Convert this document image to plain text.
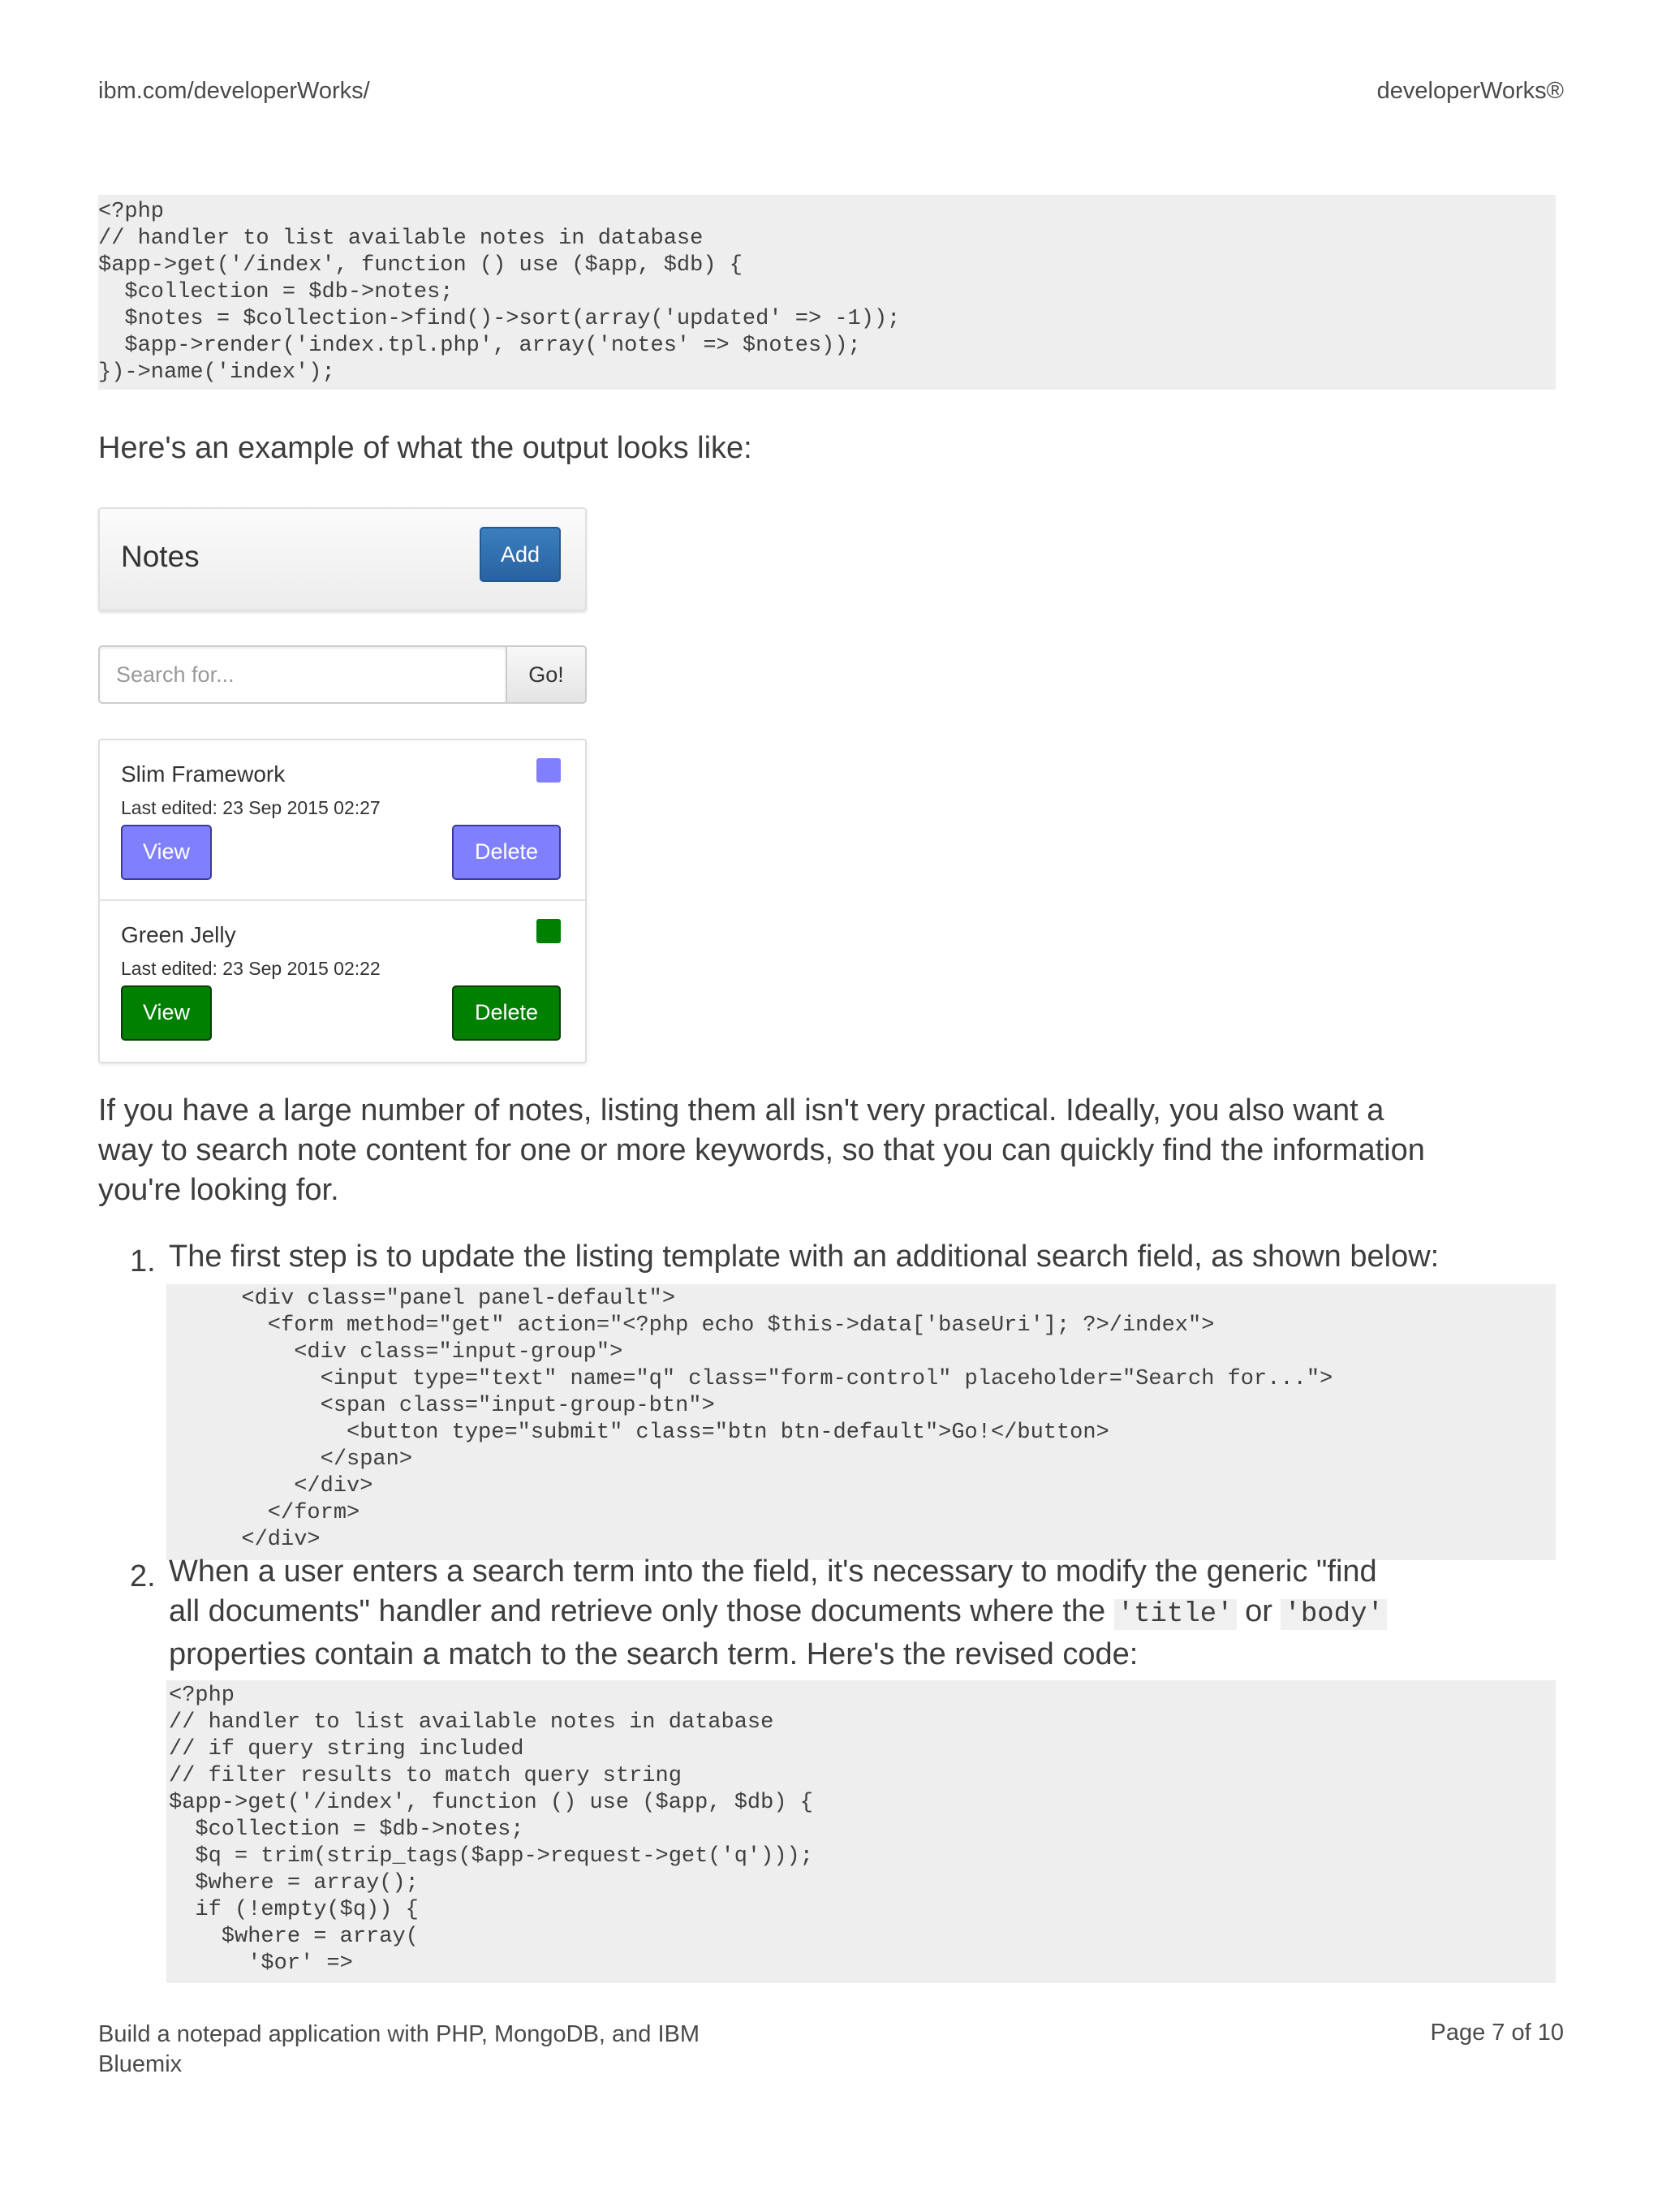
ibm.com/developerWorks/	developerWorks®
<?php
// handler to list available notes in database
$app->get('/index', function () use ($app, $db) {
$collection = $db->notes;
$notes = $collection->find()->sort(array('updated' => -1));
$app->render('index.tpl.php', array('notes' => $notes));
})->name('index');
Here's an example of what the output looks like:
Notes	Add
Search for...
Go!
Slim Framework
Last edited: 23 Sep 2015 02:27
View	Delete
Green Jelly
Last edited: 23 Sep 2015 02:22
View	Delete
If you have a large number of notes, listing them all isn't very practical. Ideally, you also want a
way to search note content for one or more keywords, so that you can quickly find the information
you're looking for.
1. The first step is to update the listing template with an additional search field, as shown below:
<div class="panel panel-default">
<form method="get" action="<?php echo $this->data['baseUri']; ?>/index">
<div class="input-group">
<input type="text" name="q" class="form-control" placeholder="Search for...">
<span class="input-group-btn">
<button type="submit" class="btn btn-default">Go!</button>
</span>
</div>
</form>
</div>
2. When a user enters a search term into the field, it's necessary to modify the generic "find
all documents" handler and retrieve only those documents where the 'title' or 'body'
properties contain a match to the search term. Here's the revised code:
<?php
// handler to list available notes in database
// if query string included
// filter results to match query string
$app->get('/index', function () use ($app, $db) {
$collection = $db->notes;
$q = trim(strip_tags($app->request->get('q')));
$where = array();
if (!empty($q)) {
$where = array(
'$or' =>
Build a notepad application with PHP, MongoDB, and IBM
Bluemix
Page 7 of 10
